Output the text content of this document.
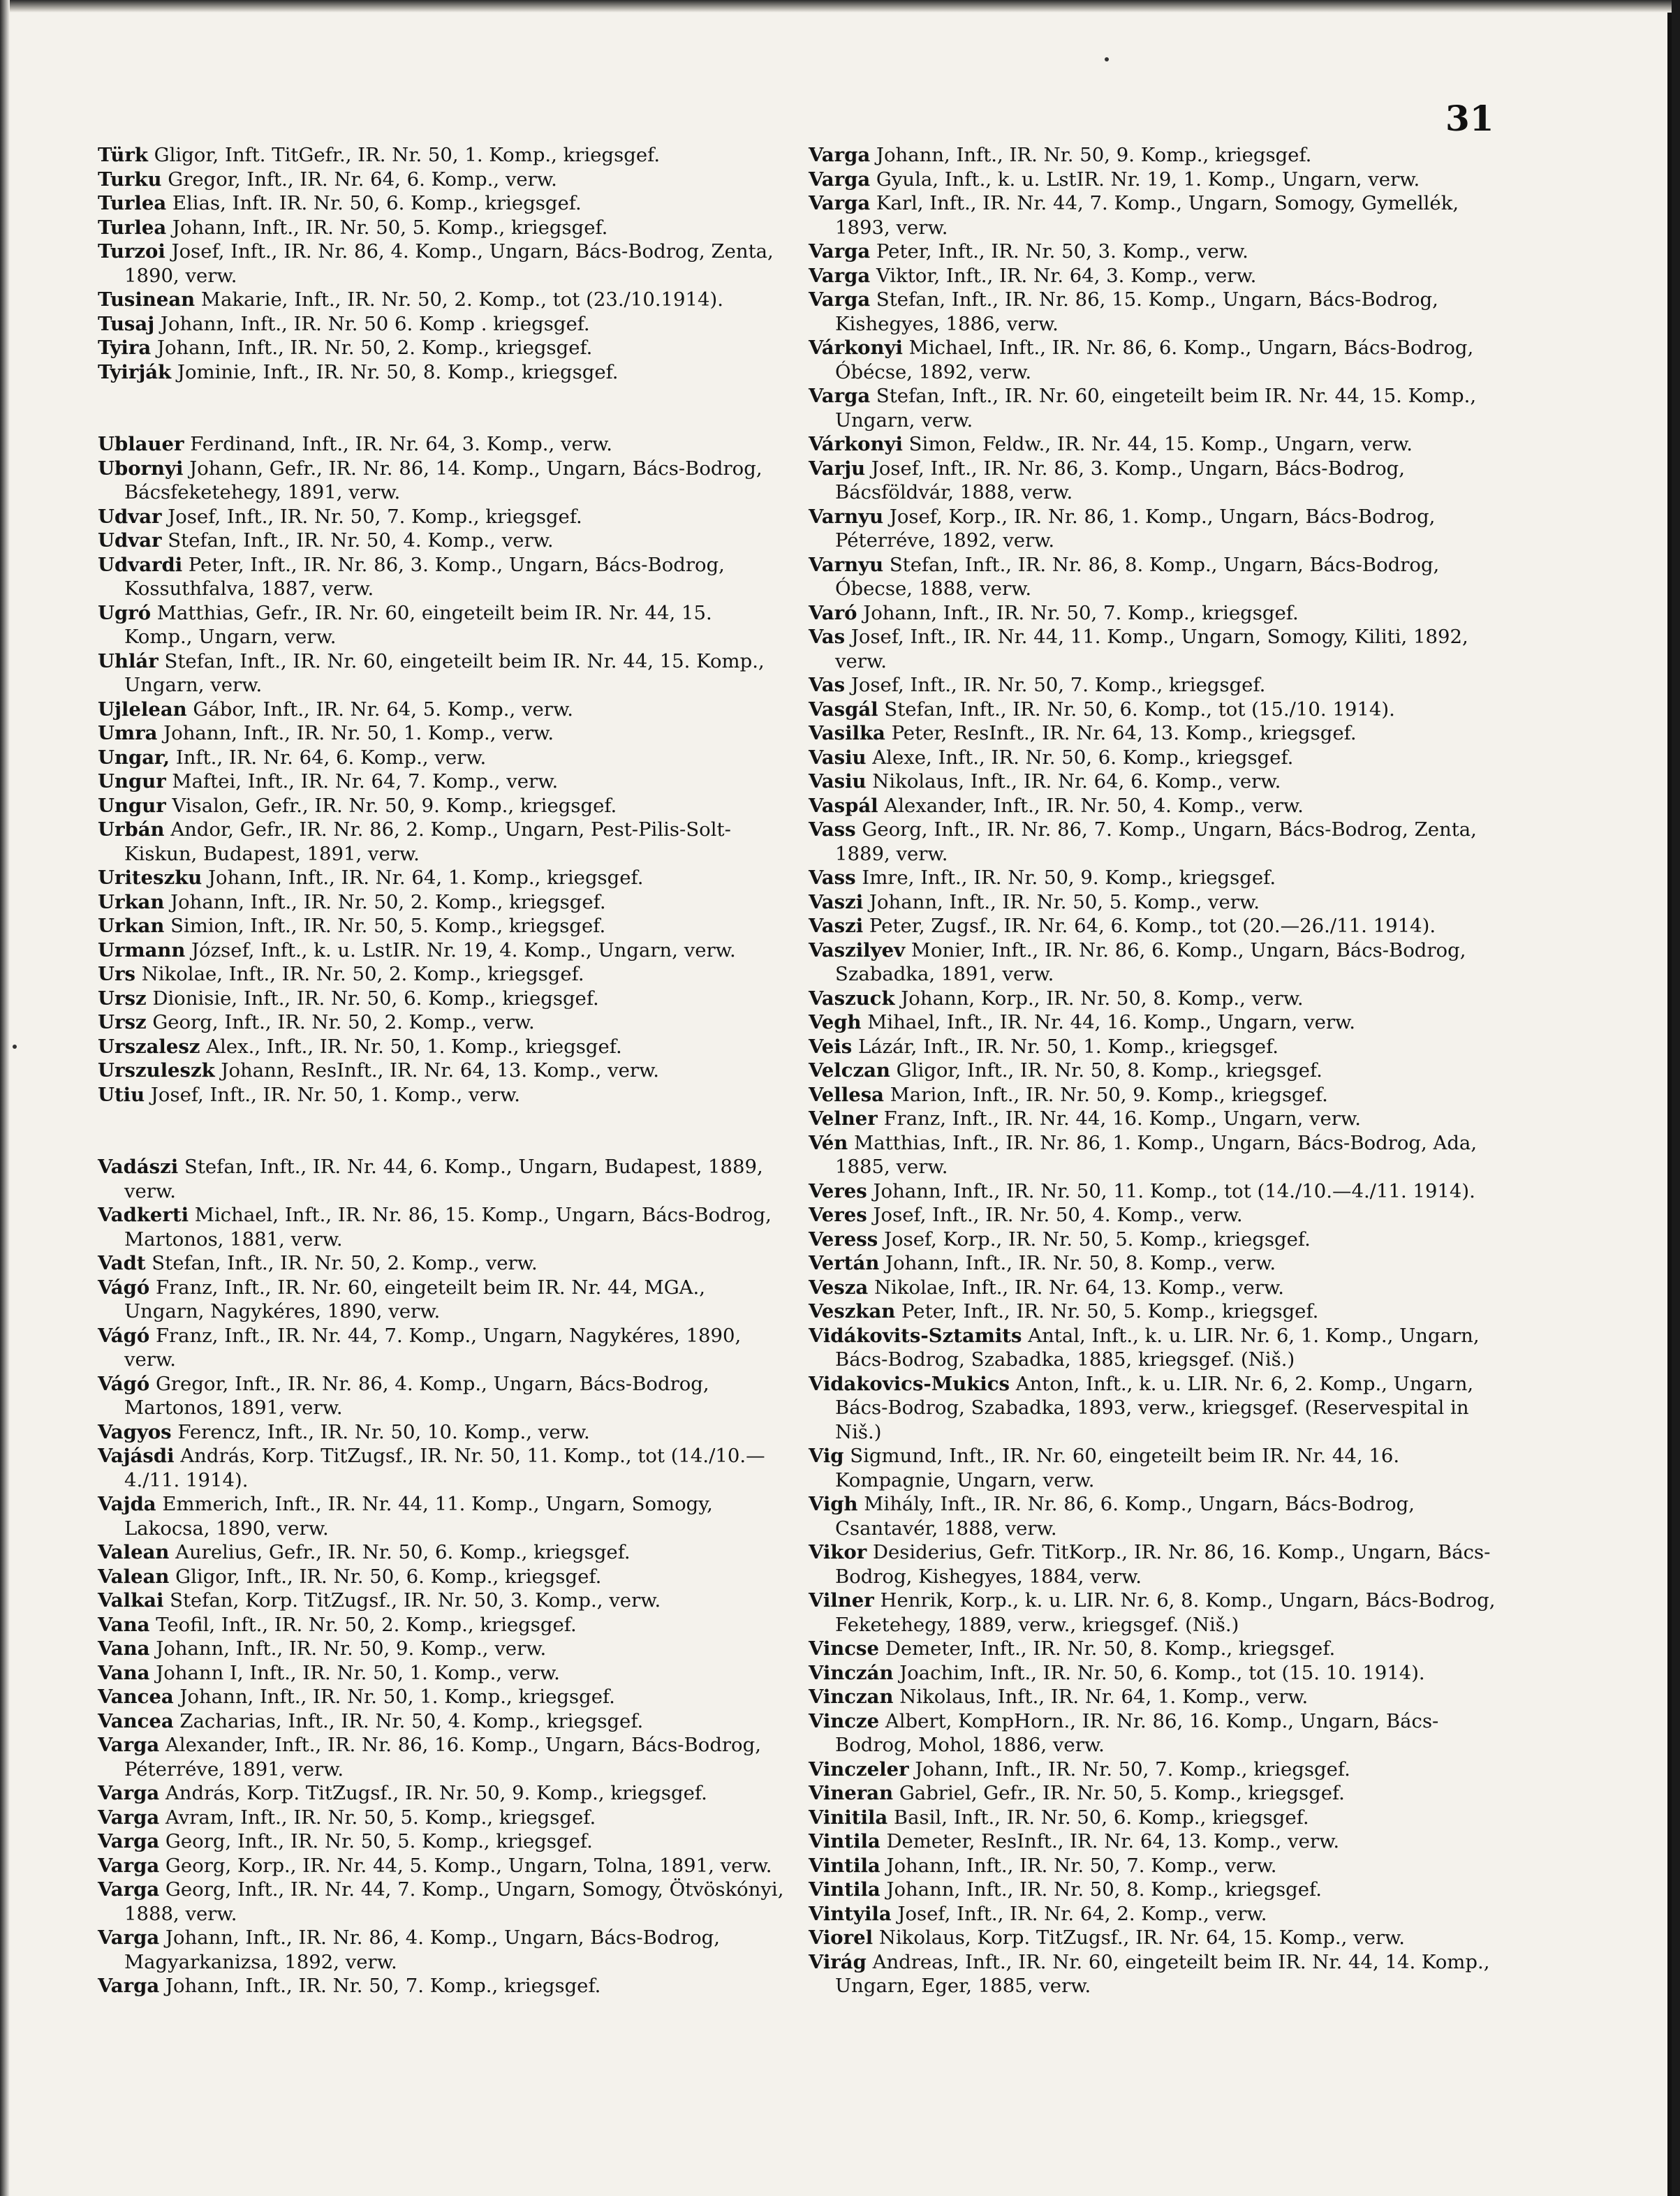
31

Türk Gligor, Inft. TitGefr., IR. Nr. 50, 1. Komp., kriegsgef.

Turku Gregor, Inft., IR. Nr. 64, 6. Komp., verw.

Turlea Elias, Inft. IR. Nr. 50, 6. Komp., kriegsgef.

Turlea Johann, Inft., IR. Nr. 50, 5. Komp., kriegsgef.

Turzoi Josef, Inft., IR. Nr. 86, 4. Komp., Ungarn, Bács-Bodrog, Zenta, 1890, verw.

Tusinean Makarie, Inft., IR. Nr. 50, 2. Komp., tot (23./10.1914).

Tusaj Johann, Inft., IR. Nr. 50 6. Komp . kriegsgef.

Tyira Johann, Inft., IR. Nr. 50, 2. Komp., kriegsgef.

Tyirják Jominie, Inft., IR. Nr. 50, 8. Komp., kriegsgef.

Ublauer Ferdinand, Inft., IR. Nr. 64, 3. Komp., verw.

Ubornyi Johann, Gefr., IR. Nr. 86, 14. Komp., Ungarn, Bács-Bodrog, Bácsfeketehegy, 1891, verw.

Udvar Josef, Inft., IR. Nr. 50, 7. Komp., kriegsgef.

Udvar Stefan, Inft., IR. Nr. 50, 4. Komp., verw.

Udvardi Peter, Inft., IR. Nr. 86, 3. Komp., Ungarn, Bács-Bodrog, Kossuthfalva, 1887, verw.

Ugró Matthias, Gefr., IR. Nr. 60, eingeteilt beim IR. Nr. 44, 15. Komp., Ungarn, verw.

Uhlár Stefan, Inft., IR. Nr. 60, eingeteilt beim IR. Nr. 44, 15. Komp., Ungarn, verw.

Ujlelean Gábor, Inft., IR. Nr. 64, 5. Komp., verw.

Umra Johann, Inft., IR. Nr. 50, 1. Komp., verw.

Ungar, Inft., IR. Nr. 64, 6. Komp., verw.

Ungur Maftei, Inft., IR. Nr. 64, 7. Komp., verw.

Ungur Visalon, Gefr., IR. Nr. 50, 9. Komp., kriegsgef.

Urbán Andor, Gefr., IR. Nr. 86, 2. Komp., Ungarn, Pest-Pilis-Solt-Kiskun, Budapest, 1891, verw.

Uriteszku Johann, Inft., IR. Nr. 64, 1. Komp., kriegsgef.

Urkan Johann, Inft., IR. Nr. 50, 2. Komp., kriegsgef.

Urkan Simion, Inft., IR. Nr. 50, 5. Komp., kriegsgef.

Urmann József, Inft., k. u. LstIR. Nr. 19, 4. Komp., Ungarn, verw.

Urs Nikolae, Inft., IR. Nr. 50, 2. Komp., kriegsgef.

Ursz Dionisie, Inft., IR. Nr. 50, 6. Komp., kriegsgef.

Ursz Georg, Inft., IR. Nr. 50, 2. Komp., verw.

Urszalesz Alex., Inft., IR. Nr. 50, 1. Komp., kriegsgef.

Urszuleszk Johann, ResInft., IR. Nr. 64, 13. Komp., verw.

Utiu Josef, Inft., IR. Nr. 50, 1. Komp., verw.

Vadászi Stefan, Inft., IR. Nr. 44, 6. Komp., Ungarn, Budapest, 1889, verw.

Vadkerti Michael, Inft., IR. Nr. 86, 15. Komp., Ungarn, Bács-Bodrog, Martonos, 1881, verw.

Vadt Stefan, Inft., IR. Nr. 50, 2. Komp., verw.

Vágó Franz, Inft., IR. Nr. 60, eingeteilt beim IR. Nr. 44, MGA., Ungarn, Nagykéres, 1890, verw.

Vágó Franz, Inft., IR. Nr. 44, 7. Komp., Ungarn, Nagykéres, 1890, verw.

Vágó Gregor, Inft., IR. Nr. 86, 4. Komp., Ungarn, Bács-Bodrog, Martonos, 1891, verw.

Vagyos Ferencz, Inft., IR. Nr. 50, 10. Komp., verw.

Vajásdi András, Korp. TitZugsf., IR. Nr. 50, 11. Komp., tot (14./10.—4./11. 1914).

Vajda Emmerich, Inft., IR. Nr. 44, 11. Komp., Ungarn, Somogy, Lakocsa, 1890, verw.

Valean Aurelius, Gefr., IR. Nr. 50, 6. Komp., kriegsgef.

Valean Gligor, Inft., IR. Nr. 50, 6. Komp., kriegsgef.

Valkai Stefan, Korp. TitZugsf., IR. Nr. 50, 3. Komp., verw.

Vana Teofil, Inft., IR. Nr. 50, 2. Komp., kriegsgef.

Vana Johann, Inft., IR. Nr. 50, 9. Komp., verw.

Vana Johann I, Inft., IR. Nr. 50, 1. Komp., verw.

Vancea Johann, Inft., IR. Nr. 50, 1. Komp., kriegsgef.

Vancea Zacharias, Inft., IR. Nr. 50, 4. Komp., kriegsgef.

Varga Alexander, Inft., IR. Nr. 86, 16. Komp., Ungarn, Bács-Bodrog, Péterréve, 1891, verw.

Varga András, Korp. TitZugsf., IR. Nr. 50, 9. Komp., kriegsgef.

Varga Avram, Inft., IR. Nr. 50, 5. Komp., kriegsgef.

Varga Georg, Inft., IR. Nr. 50, 5. Komp., kriegsgef.

Varga Georg, Korp., IR. Nr. 44, 5. Komp., Ungarn, Tolna, 1891, verw.

Varga Georg, Inft., IR. Nr. 44, 7. Komp., Ungarn, Somogy, Ötvöskónyi, 1888, verw.

Varga Johann, Inft., IR. Nr. 86, 4. Komp., Ungarn, Bács-Bodrog, Magyarkanizsa, 1892, verw.

Varga Johann, Inft., IR. Nr. 50, 7. Komp., kriegsgef.

Varga Johann, Inft., IR. Nr. 50, 9. Komp., kriegsgef.

Varga Gyula, Inft., k. u. LstIR. Nr. 19, 1. Komp., Ungarn, verw.

Varga Karl, Inft., IR. Nr. 44, 7. Komp., Ungarn, Somogy, Gymellék, 1893, verw.

Varga Peter, Inft., IR. Nr. 50, 3. Komp., verw.

Varga Viktor, Inft., IR. Nr. 64, 3. Komp., verw.

Varga Stefan, Inft., IR. Nr. 86, 15. Komp., Ungarn, Bács-Bodrog, Kishegyes, 1886, verw.

Várkonyi Michael, Inft., IR. Nr. 86, 6. Komp., Ungarn, Bács-Bodrog, Óbécse, 1892, verw.

Varga Stefan, Inft., IR. Nr. 60, eingeteilt beim IR. Nr. 44, 15. Komp., Ungarn, verw.

Várkonyi Simon, Feldw., IR. Nr. 44, 15. Komp., Ungarn, verw.

Varju Josef, Inft., IR. Nr. 86, 3. Komp., Ungarn, Bács-Bodrog, Bácsföldvár, 1888, verw.

Varnyu Josef, Korp., IR. Nr. 86, 1. Komp., Ungarn, Bács-Bodrog, Péterréve, 1892, verw.

Varnyu Stefan, Inft., IR. Nr. 86, 8. Komp., Ungarn, Bács-Bodrog, Óbecse, 1888, verw.

Varó Johann, Inft., IR. Nr. 50, 7. Komp., kriegsgef.

Vas Josef, Inft., IR. Nr. 44, 11. Komp., Ungarn, Somogy, Kiliti, 1892, verw.

Vas Josef, Inft., IR. Nr. 50, 7. Komp., kriegsgef.

Vasgál Stefan, Inft., IR. Nr. 50, 6. Komp., tot (15./10. 1914).

Vasilka Peter, ResInft., IR. Nr. 64, 13. Komp., kriegsgef.

Vasiu Alexe, Inft., IR. Nr. 50, 6. Komp., kriegsgef.

Vasiu Nikolaus, Inft., IR. Nr. 64, 6. Komp., verw.

Vaspál Alexander, Inft., IR. Nr. 50, 4. Komp., verw.

Vass Georg, Inft., IR. Nr. 86, 7. Komp., Ungarn, Bács-Bodrog, Zenta, 1889, verw.

Vass Imre, Inft., IR. Nr. 50, 9. Komp., kriegsgef.

Vaszi Johann, Inft., IR. Nr. 50, 5. Komp., verw.

Vaszi Peter, Zugsf., IR. Nr. 64, 6. Komp., tot (20.—26./11. 1914).

Vaszilyev Monier, Inft., IR. Nr. 86, 6. Komp., Ungarn, Bács-Bodrog, Szabadka, 1891, verw.

Vaszuck Johann, Korp., IR. Nr. 50, 8. Komp., verw.

Vegh Mihael, Inft., IR. Nr. 44, 16. Komp., Ungarn, verw.

Veis Lázár, Inft., IR. Nr. 50, 1. Komp., kriegsgef.

Velczan Gligor, Inft., IR. Nr. 50, 8. Komp., kriegsgef.

Vellesa Marion, Inft., IR. Nr. 50, 9. Komp., kriegsgef.

Velner Franz, Inft., IR. Nr. 44, 16. Komp., Ungarn, verw.

Vén Matthias, Inft., IR. Nr. 86, 1. Komp., Ungarn, Bács-Bodrog, Ada, 1885, verw.

Veres Johann, Inft., IR. Nr. 50, 11. Komp., tot (14./10.—4./11. 1914).

Veres Josef, Inft., IR. Nr. 50, 4. Komp., verw.

Veress Josef, Korp., IR. Nr. 50, 5. Komp., kriegsgef.

Vertán Johann, Inft., IR. Nr. 50, 8. Komp., verw.

Vesza Nikolae, Inft., IR. Nr. 64, 13. Komp., verw.

Veszkan Peter, Inft., IR. Nr. 50, 5. Komp., kriegsgef.

Vidákovits-Sztamits Antal, Inft., k. u. LIR. Nr. 6, 1. Komp., Ungarn, Bács-Bodrog, Szabadka, 1885, kriegsgef. (Niš.)

Vidakovics-Mukics Anton, Inft., k. u. LIR. Nr. 6, 2. Komp., Ungarn, Bács-Bodrog, Szabadka, 1893, verw., kriegsgef. (Reservespital in Niš.)

Vig Sigmund, Inft., IR. Nr. 60, eingeteilt beim IR. Nr. 44, 16. Kompagnie, Ungarn, verw.

Vigh Mihály, Inft., IR. Nr. 86, 6. Komp., Ungarn, Bács-Bodrog, Csantavér, 1888, verw.

Vikor Desiderius, Gefr. TitKorp., IR. Nr. 86, 16. Komp., Ungarn, Bács-Bodrog, Kishegyes, 1884, verw.

Vilner Henrik, Korp., k. u. LIR. Nr. 6, 8. Komp., Ungarn, Bács-Bodrog, Feketehegy, 1889, verw., kriegsgef. (Niš.)

Vincse Demeter, Inft., IR. Nr. 50, 8. Komp., kriegsgef.

Vinczán Joachim, Inft., IR. Nr. 50, 6. Komp., tot (15. 10. 1914).

Vinczan Nikolaus, Inft., IR. Nr. 64, 1. Komp., verw.

Vincze Albert, KompHorn., IR. Nr. 86, 16. Komp., Ungarn, Bács-Bodrog, Mohol, 1886, verw.

Vinczeler Johann, Inft., IR. Nr. 50, 7. Komp., kriegsgef.

Vineran Gabriel, Gefr., IR. Nr. 50, 5. Komp., kriegsgef.

Vinitila Basil, Inft., IR. Nr. 50, 6. Komp., kriegsgef.

Vintila Demeter, ResInft., IR. Nr. 64, 13. Komp., verw.

Vintila Johann, Inft., IR. Nr. 50, 7. Komp., verw.

Vintila Johann, Inft., IR. Nr. 50, 8. Komp., kriegsgef.

Vintyila Josef, Inft., IR. Nr. 64, 2. Komp., verw.

Viorel Nikolaus, Korp. TitZugsf., IR. Nr. 64, 15. Komp., verw.

Virág Andreas, Inft., IR. Nr. 60, eingeteilt beim IR. Nr. 44, 14. Komp., Ungarn, Eger, 1885, verw.
